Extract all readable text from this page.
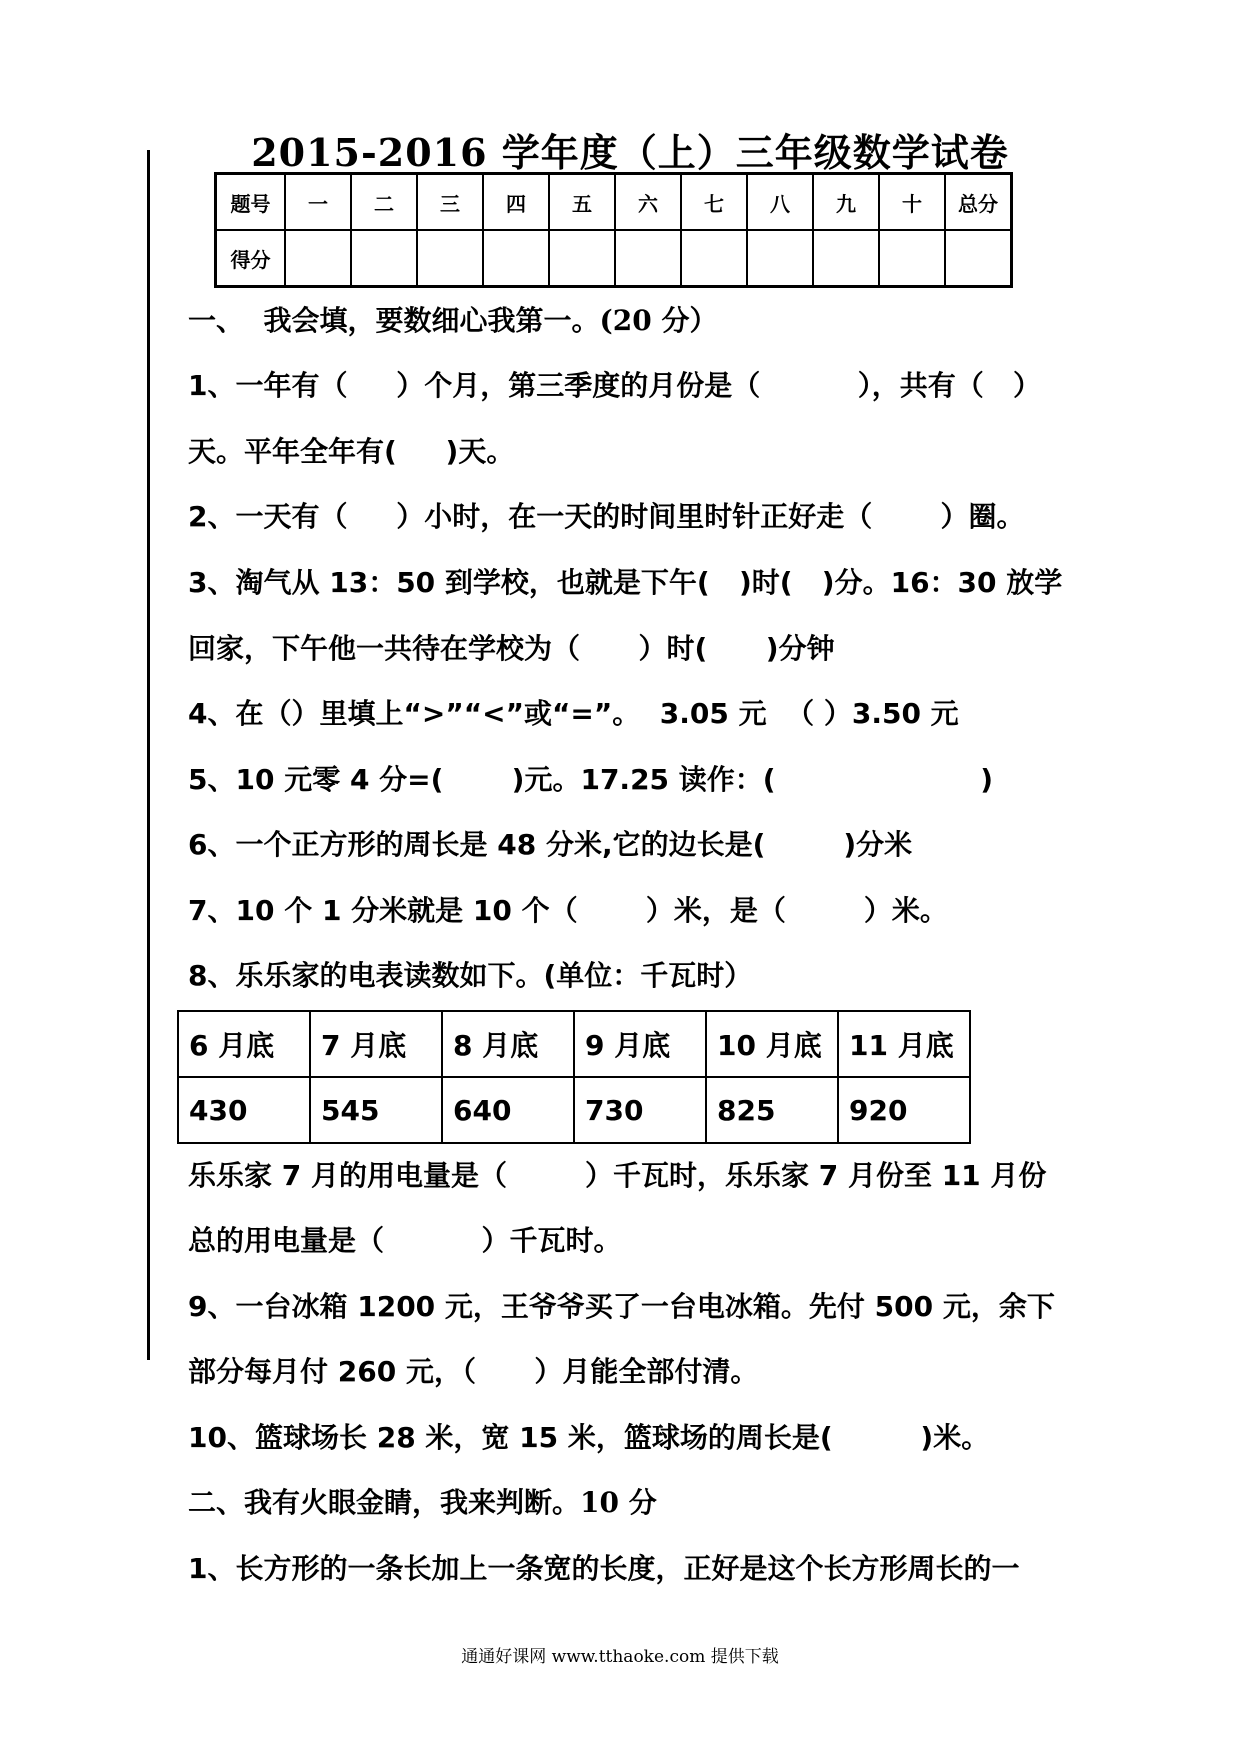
2015-2016 学年度（上）三年级数学试卷
题号	一	二	三	四	五	六	七	八	九	十	总分
得分											
一、  我会填，要数细心我第一。(20 分）
1、一年有（     ）个月，第三季度的月份是（          ），共有（   ）
天。平年全年有(     )天。
2、一天有（     ）小时，在一天的时间里时针正好走（       ）圈。
3、淘气从 13：50 到学校，也就是下午(   )时(   )分。16：30 放学
回家，下午他一共待在学校为（      ）时(      )分钟
4、在（）里填上“>”“<”或“=”。  3.05 元  （ ）3.50 元
5、10 元零 4 分=(       )元。17.25 读作：(                     )
6、一个正方形的周长是 48 分米,它的边长是(        )分米
7、10 个 1 分米就是 10 个（       ）米，是（        ）米。
8、乐乐家的电表读数如下。(单位：千瓦时）
6 月底	7 月底	8 月底	9 月底	10 月底	11 月底
430	545	640	730	825	920
乐乐家 7 月的用电量是（        ）千瓦时，乐乐家 7 月份至 11 月份
总的用电量是（          ）千瓦时。
9、一台冰箱 1200 元，王爷爷买了一台电冰箱。先付 500 元，余下
部分每月付 260 元，（      ）月能全部付清。
10、篮球场长 28 米，宽 15 米，篮球场的周长是(         )米。
二、我有火眼金睛，我来判断。10 分
1、长方形的一条长加上一条宽的长度，正好是这个长方形周长的一
通通好课网 www.tthaoke.com 提供下载
